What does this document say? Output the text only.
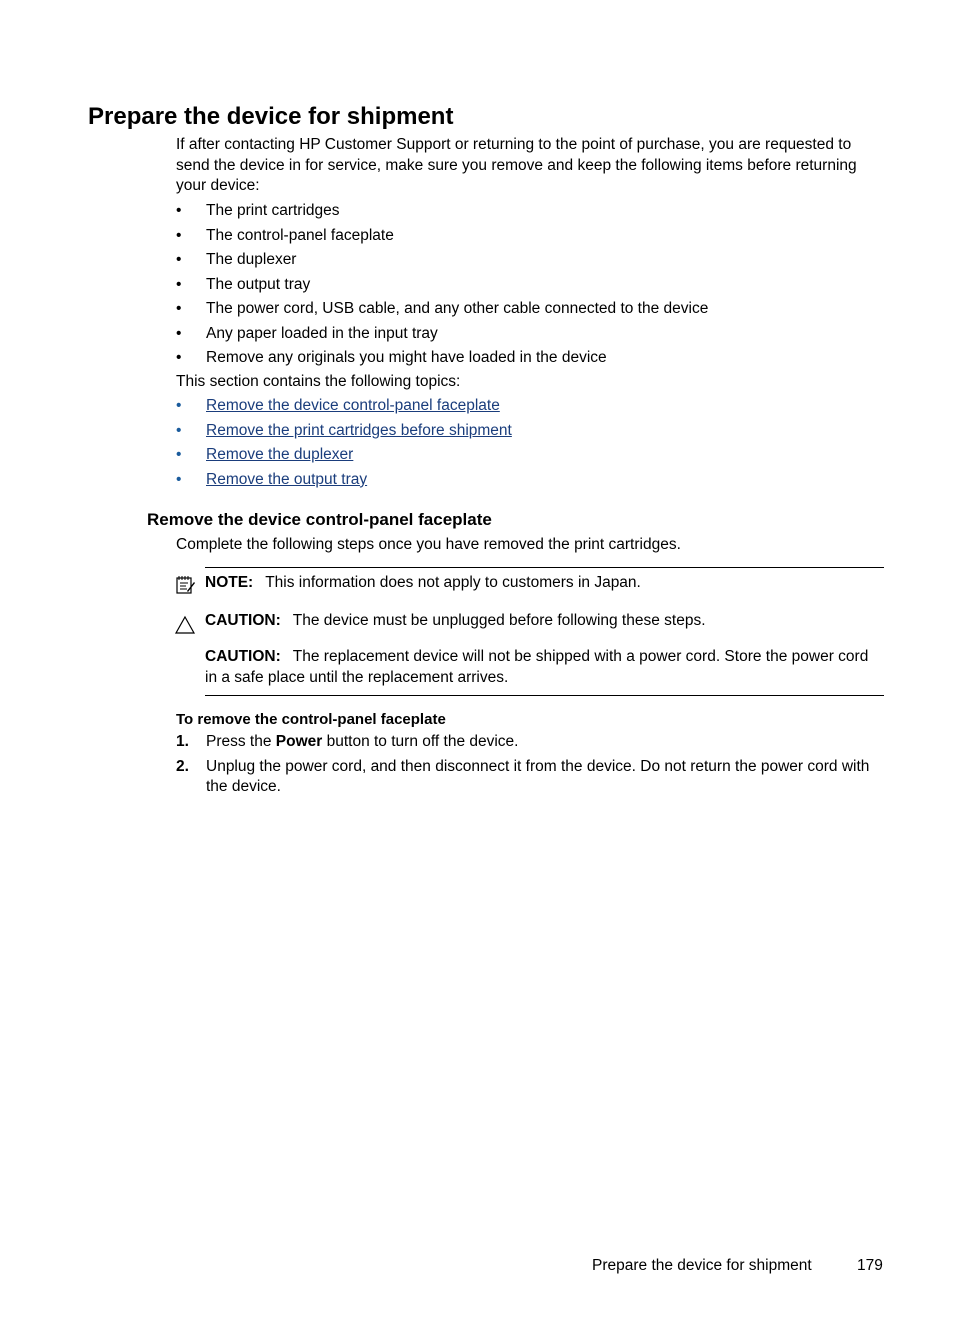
Prepare the device for shipment
If after contacting HP Customer Support or returning to the point of purchase, you are requested to send the device in for service, make sure you remove and keep the following items before returning your device:
• The print cartridges
• The control-panel faceplate
• The duplexer
• The output tray
• The power cord, USB cable, and any other cable connected to the device
• Any paper loaded in the input tray
• Remove any originals you might have loaded in the device
This section contains the following topics:
• Remove the device control-panel faceplate
• Remove the print cartridges before shipment
• Remove the duplexer
• Remove the output tray
Remove the device control-panel faceplate
Complete the following steps once you have removed the print cartridges.
NOTE: This information does not apply to customers in Japan.
CAUTION: The device must be unplugged before following these steps.
CAUTION: The replacement device will not be shipped with a power cord. Store the power cord in a safe place until the replacement arrives.
To remove the control-panel faceplate
1. Press the Power button to turn off the device.
2. Unplug the power cord, and then disconnect it from the device. Do not return the power cord with the device.
Prepare the device for shipment	179
